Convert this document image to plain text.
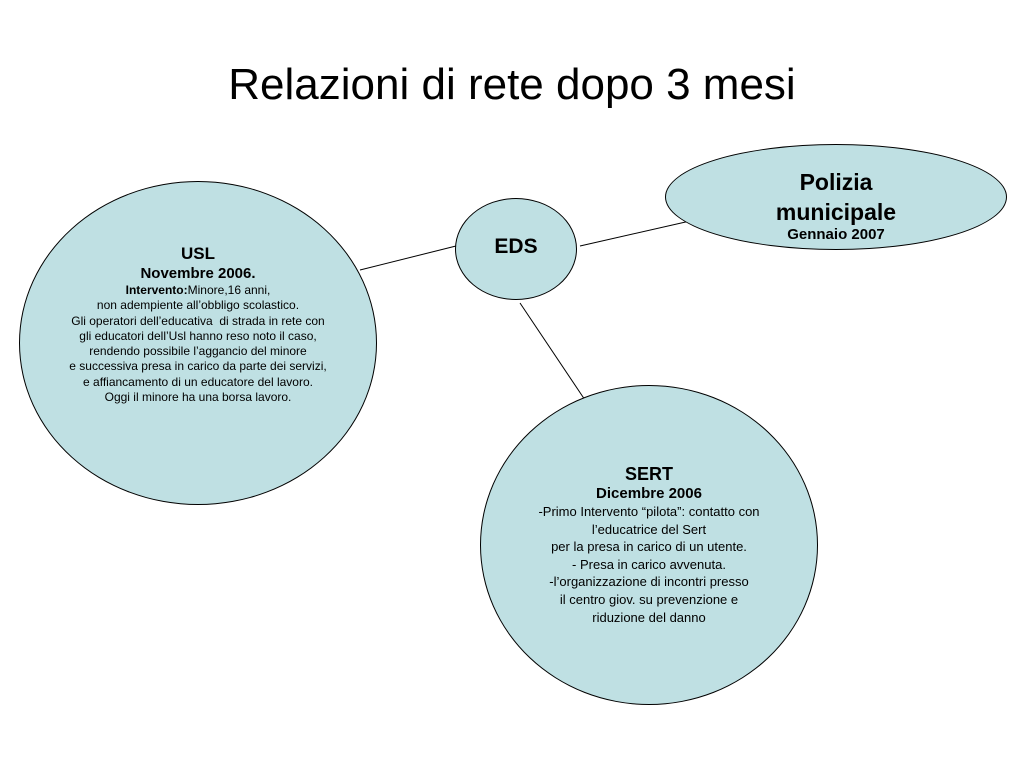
Relazioni di rete dopo 3 mesi
USL
Novembre 2006.
Intervento:Minore,16 anni,
non adempiente all’obbligo scolastico.
Gli operatori dell’educativa  di strada in rete con
gli educatori dell’Usl hanno reso noto il caso,
rendendo possibile l’aggancio del minore
e successiva presa in carico da parte dei servizi,
e affiancamento di un educatore del lavoro.
Oggi il minore ha una borsa lavoro.
EDS
Polizia
municipale
Gennaio 2007
SERT
Dicembre 2006
-Primo Intervento “pilota”: contatto con
l’educatrice del Sert
per la presa in carico di un utente.
- Presa in carico avvenuta.
-l’organizzazione di incontri presso
il centro giov. su prevenzione e
riduzione del danno
